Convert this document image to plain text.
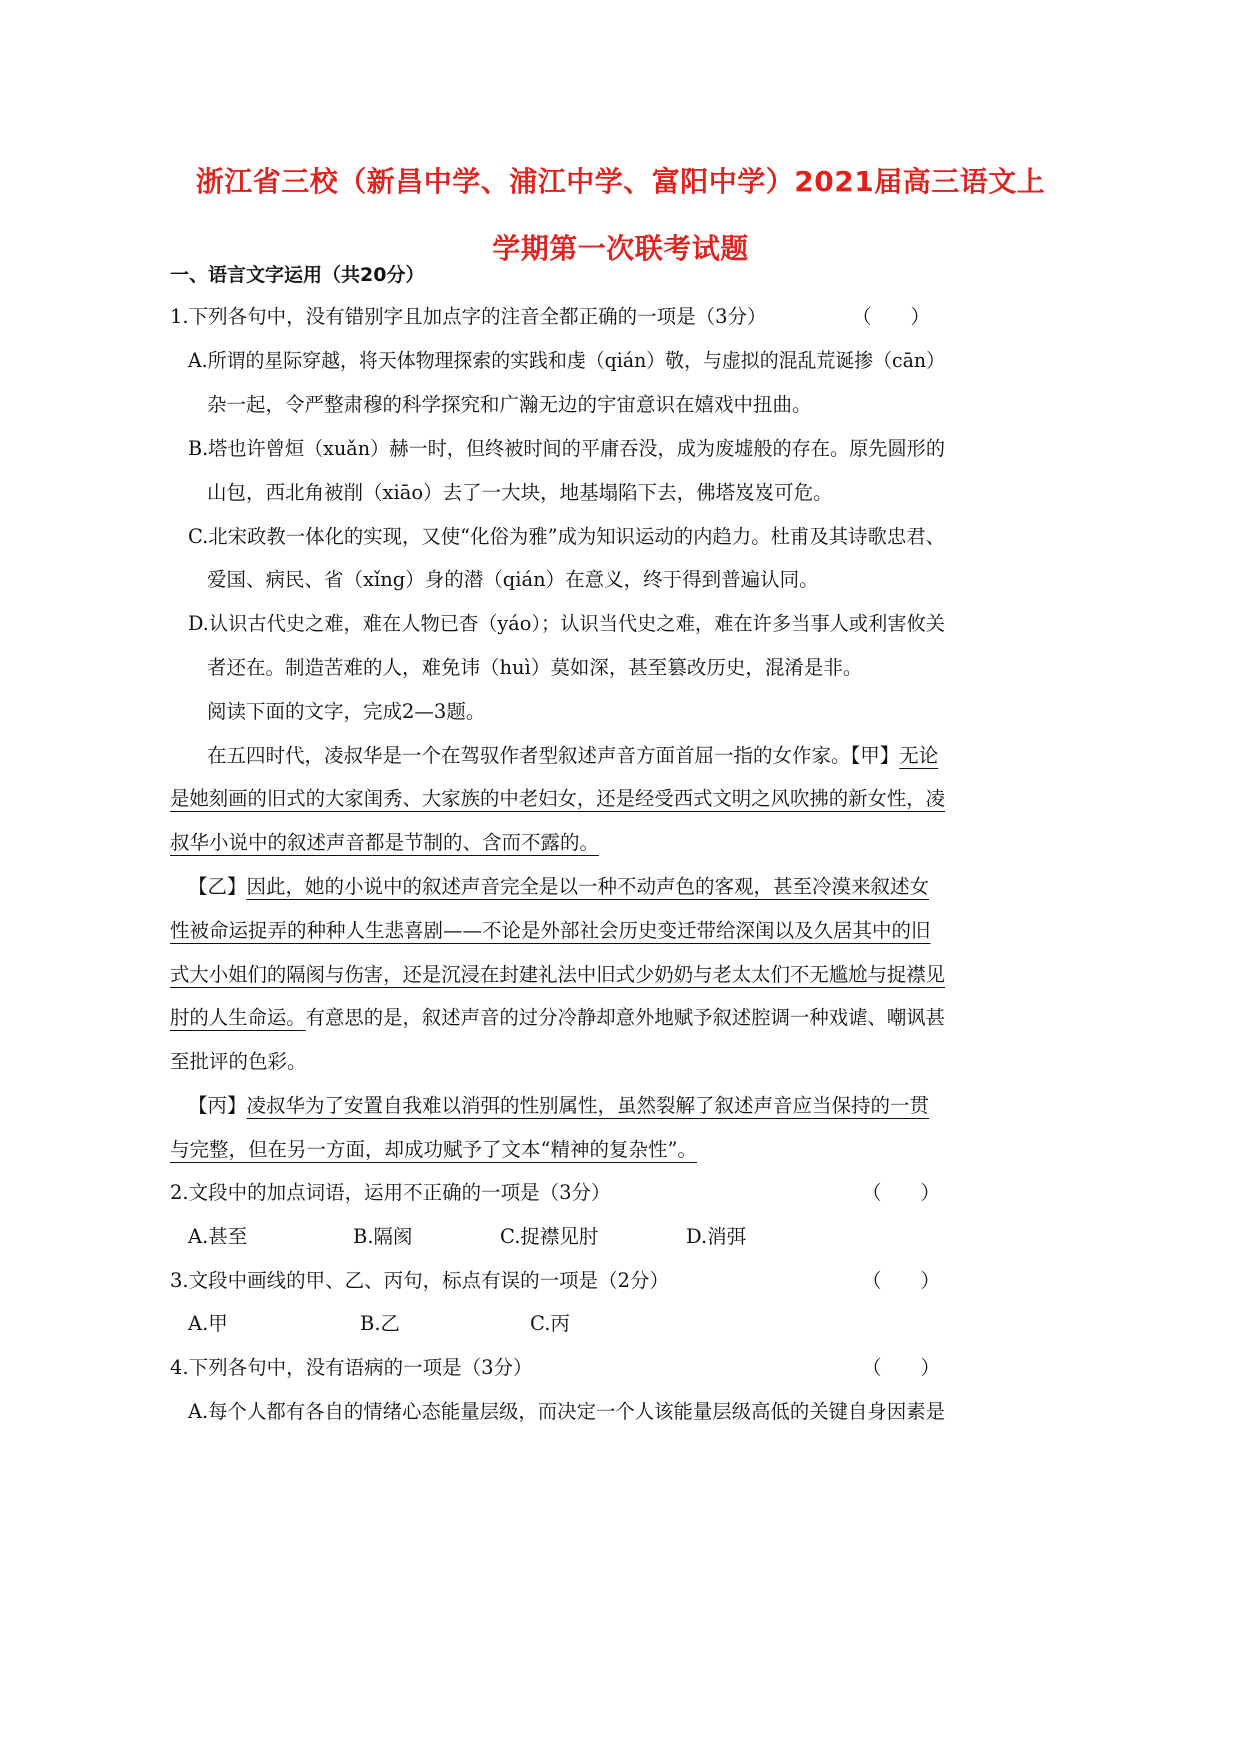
浙江省三校（新昌中学、浦江中学、富阳中学）2021届高三语文上
学期第一次联考试题
一、语言文字运用（共20分）
1.下列各句中，没有错别字且加点字的注音全都正确的一项是（3分）	（　　）
A.所谓的星际穿越，将天体物理探索的实践和虔（qián）敬，与虚拟的混乱荒诞掺（cān）
杂一起，令严整肃穆的科学探究和广瀚无边的宇宙意识在嬉戏中扭曲。
B.塔也许曾烜（xuǎn）赫一时，但终被时间的平庸吞没，成为废墟般的存在。原先圆形的
山包，西北角被削（xiāo）去了一大块，地基塌陷下去，佛塔岌岌可危。
C.北宋政教一体化的实现，又使“化俗为雅”成为知识运动的内趋力。杜甫及其诗歌忠君、
爱国、病民、省（xǐng）身的潜（qián）在意义，终于得到普遍认同。
D.认识古代史之难，难在人物已杳（yáo）；认识当代史之难，难在许多当事人或利害攸关
者还在。制造苦难的人，难免讳（huì）莫如深，甚至篡改历史，混淆是非。
阅读下面的文字，完成2—3题。
在五四时代，凌叔华是一个在驾驭作者型叙述声音方面首屈一指的女作家。【甲】无论
是她刻画的旧式的大家闺秀、大家族的中老妇女，还是经受西式文明之风吹拂的新女性，凌
叔华小说中的叙述声音都是节制的、含而不露的。
【乙】因此，她的小说中的叙述声音完全是以一种不动声色的客观，甚至冷漠来叙述女
性被命运捉弄的种种人生悲喜剧——不论是外部社会历史变迁带给深闺以及久居其中的旧
式大小姐们的隔阂与伤害，还是沉浸在封建礼法中旧式少奶奶与老太太们不无尴尬与捉襟见
肘的人生命运。有意思的是，叙述声音的过分冷静却意外地赋予叙述腔调一种戏谑、嘲讽甚
至批评的色彩。
【丙】凌叔华为了安置自我难以消弭的性别属性，虽然裂解了叙述声音应当保持的一贯
与完整，但在另一方面，却成功赋予了文本“精神的复杂性”。
2.文段中的加点词语，运用不正确的一项是（3分）	（　　）
A.甚至	B.隔阂	C.捉襟见肘	D.消弭
3.文段中画线的甲、乙、丙句，标点有误的一项是（2分）	（　　）
A.甲	B.乙	C.丙
4.下列各句中，没有语病的一项是（3分）	（　　）
A.每个人都有各自的情绪心态能量层级，而决定一个人该能量层级高低的关键自身因素是
